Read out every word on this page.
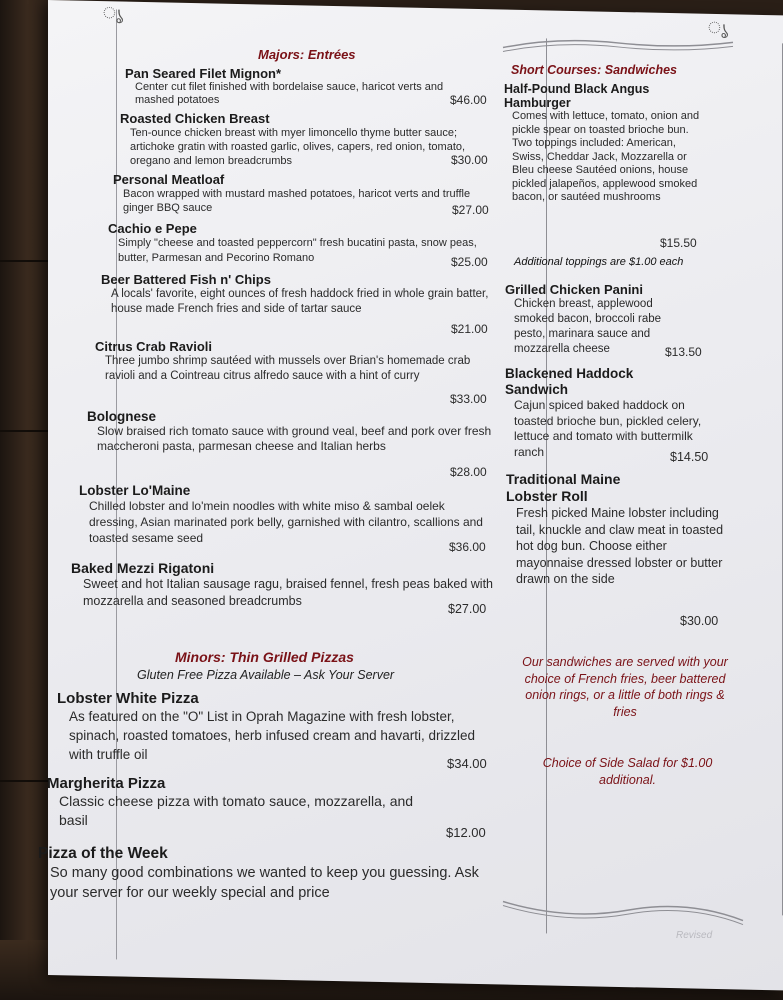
ൃ
ൃ
Majors: Entrées
Pan Seared Filet Mignon*
Center cut filet finished with bordelaise sauce, haricot verts and mashed potatoes	$46.00
Roasted Chicken Breast
Ten-ounce chicken breast with myer limoncello thyme butter sauce; artichoke gratin with roasted garlic, olives, capers, red onion, tomato, oregano and lemon breadcrumbs	$30.00
Personal Meatloaf
Bacon wrapped with mustard mashed potatoes, haricot verts and truffle ginger BBQ sauce	$27.00
Cachio e Pepe
Simply "cheese and toasted peppercorn" fresh bucatini pasta, snow peas, butter, Parmesan and Pecorino Romano	$25.00
Beer Battered Fish n' Chips
A locals' favorite, eight ounces of fresh haddock fried in whole grain batter, house made French fries and side of tartar sauce
$21.00
Citrus Crab Ravioli
Three jumbo shrimp sautéed with mussels over Brian's homemade crab ravioli and a Cointreau citrus alfredo sauce with a hint of curry
$33.00
Bolognese
Slow braised rich tomato sauce with ground veal, beef and pork over fresh maccheroni pasta, parmesan cheese and Italian herbs
$28.00
Lobster Lo'Maine
Chilled lobster and lo'mein noodles with white miso & sambal oelek dressing, Asian marinated pork belly, garnished with cilantro, scallions and toasted sesame seed
$36.00
Baked Mezzi Rigatoni
Sweet and hot Italian sausage ragu, braised fennel, fresh peas baked with mozzarella and seasoned breadcrumbs
$27.00
Minors: Thin Grilled Pizzas
Gluten Free Pizza Available – Ask Your Server
Lobster White Pizza
As featured on the "O" List in Oprah Magazine with fresh lobster, spinach, roasted tomatoes, herb infused cream and havarti, drizzled with truffle oil
$34.00
Margherita Pizza
Classic cheese pizza with tomato sauce, mozzarella, and basil
$12.00
Pizza of the Week
So many good combinations we wanted to keep you guessing. Ask your server for our weekly special and price
Short Courses: Sandwiches
Half-Pound Black Angus Hamburger
Comes with lettuce, tomato, onion and pickle spear on toasted brioche bun. Two toppings included: American, Swiss, Cheddar Jack, Mozzarella or Bleu cheese Sautéed onions, house pickled jalapeños, applewood smoked bacon, or sautéed mushrooms
$15.50
Additional toppings are $1.00 each
Grilled Chicken Panini
Chicken breast, applewood smoked bacon, broccoli rabe pesto, marinara sauce and mozzarella cheese	$13.50
Blackened Haddock Sandwich
Cajun spiced baked haddock on toasted brioche bun, pickled celery, lettuce and tomato with buttermilk ranch	$14.50
Traditional Maine Lobster Roll
Fresh picked Maine lobster including tail, knuckle and claw meat in toasted hot dog bun. Choose either mayonnaise dressed lobster or butter drawn on the side
$30.00
Our sandwiches are served with your choice of French fries, beer battered onion rings, or a little of both rings & fries
Choice of Side Salad for $1.00 additional.
Revised
